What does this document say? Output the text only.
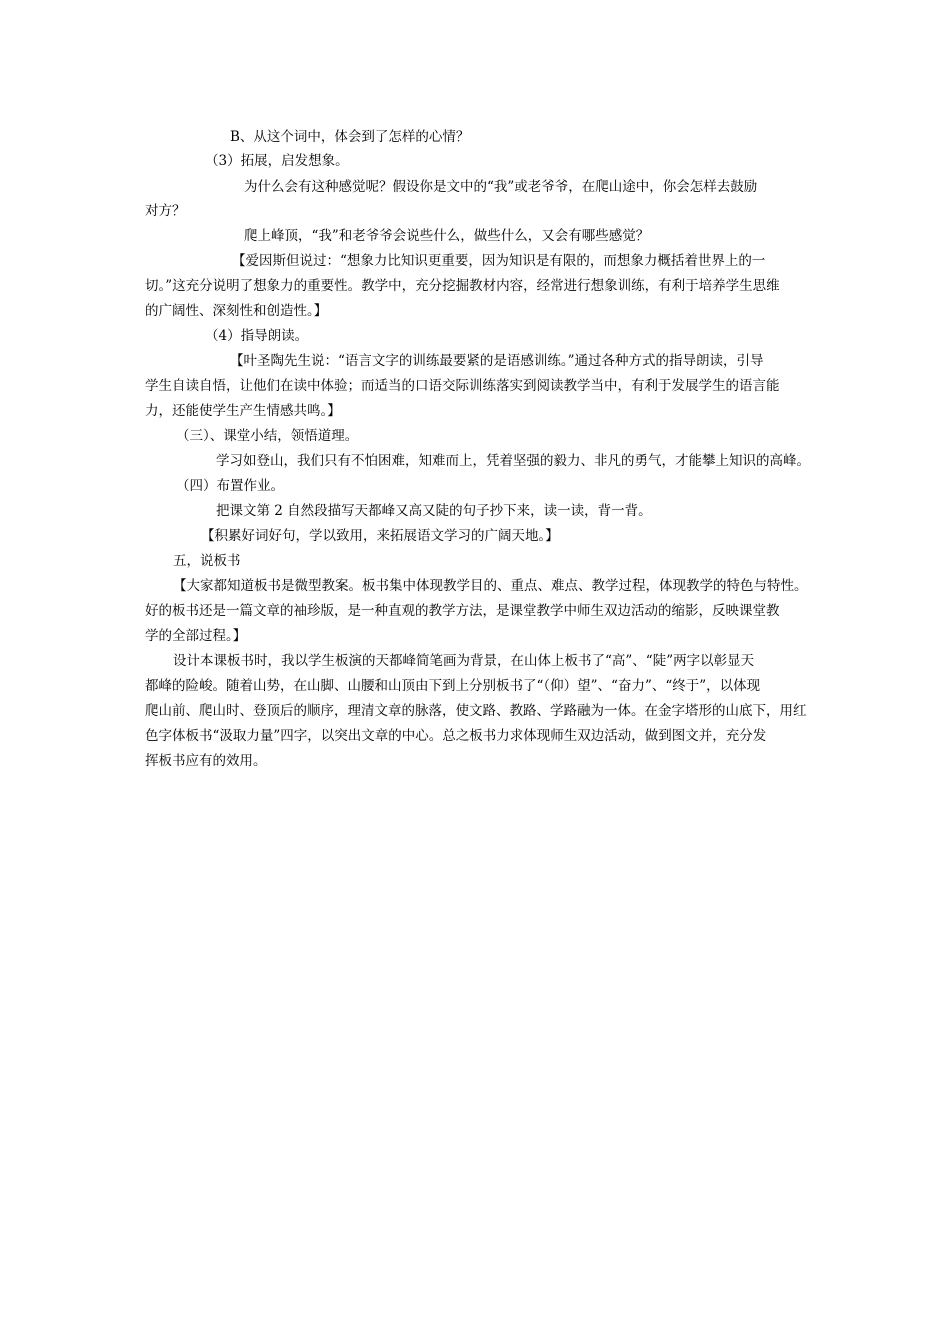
B、从这个词中，体会到了怎样的心情？
（3）拓展，启发想象。
为什么会有这种感觉呢？假设你是文中的“我”或老爷爷，在爬山途中，你会怎样去鼓励
对方？
爬上峰顶，“我”和老爷爷会说些什么，做些什么，又会有哪些感觉？
【爱因斯但说过：“想象力比知识更重要，因为知识是有限的，而想象力概括着世界上的一
切。”这充分说明了想象力的重要性。教学中，充分挖掘教材内容，经常进行想象训练，有利于培养学生思维
的广阔性、深刻性和创造性。】
（4）指导朗读。
【叶圣陶先生说：“语言文字的训练最要紧的是语感训练。”通过各种方式的指导朗读，引导
学生自读自悟，让他们在读中体验；而适当的口语交际训练落实到阅读教学当中，有利于发展学生的语言能
力，还能使学生产生情感共鸣。】
（三）、课堂小结，领悟道理。
学习如登山，我们只有不怕困难，知难而上，凭着坚强的毅力、非凡的勇气，才能攀上知识的高峰。
（四）布置作业。
把课文第 2 自然段描写天都峰又高又陡的句子抄下来，读一读，背一背。
【积累好词好句，学以致用，来拓展语文学习的广阔天地。】
五，说板书
【大家都知道板书是微型教案。板书集中体现教学目的、重点、难点、教学过程，体现教学的特色与特性。
好的板书还是一篇文章的袖珍版，是一种直观的教学方法，是课堂教学中师生双边活动的缩影，反映课堂教
学的全部过程。】
设计本课板书时，我以学生板演的天都峰简笔画为背景，在山体上板书了“高”、“陡”两字以彰显天
都峰的险峻。随着山势，在山脚、山腰和山顶由下到上分别板书了“（仰）望”、“奋力”、“终于”，以体现
爬山前、爬山时、登顶后的顺序，理清文章的脉落，使文路、教路、学路融为一体。在金字塔形的山底下，用红
色字体板书“汲取力量”四字，以突出文章的中心。总之板书力求体现师生双边活动，做到图文并，充分发
挥板书应有的效用。
